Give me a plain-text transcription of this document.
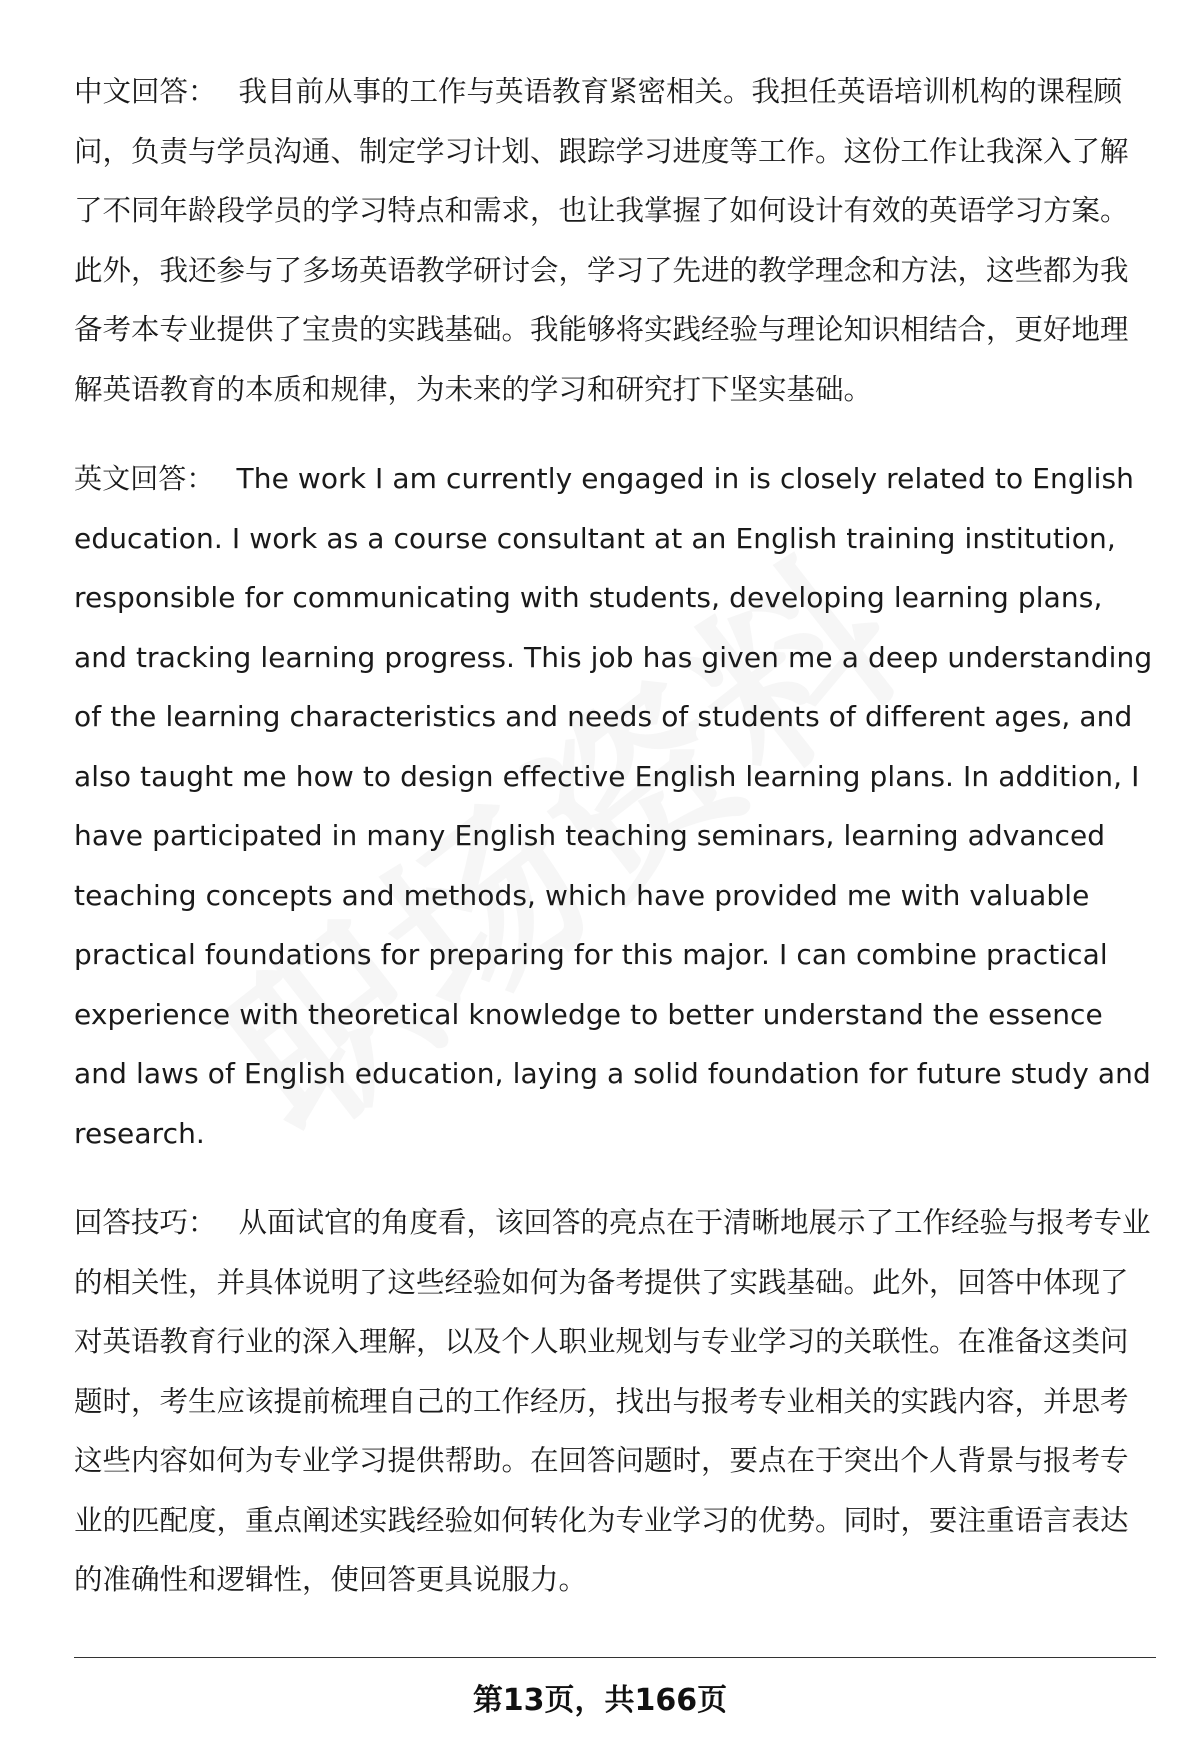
中文回答： 我目前从事的工作与英语教育紧密相关。我担任英语培训机构的课程顾问，负责与学员沟通、制定学习计划、跟踪学习进度等工作。这份工作让我深入了解了不同年龄段学员的学习特点和需求，也让我掌握了如何设计有效的英语学习方案。此外，我还参与了多场英语教学研讨会，学习了先进的教学理念和方法，这些都为我备考本专业提供了宝贵的实践基础。我能够将实践经验与理论知识相结合，更好地理解英语教育的本质和规律，为未来的学习和研究打下坚实基础。

英文回答： The work I am currently engaged in is closely related to English education. I work as a course consultant at an English training institution, responsible for communicating with students, developing learning plans, and tracking learning progress. This job has given me a deep understanding of the learning characteristics and needs of students of different ages, and also taught me how to design effective English learning plans. In addition, I have participated in many English teaching seminars, learning advanced teaching concepts and methods, which have provided me with valuable practical foundations for preparing for this major. I can combine practical experience with theoretical knowledge to better understand the essence and laws of English education, laying a solid foundation for future study and research.

回答技巧： 从面试官的角度看，该回答的亮点在于清晰地展示了工作经验与报考专业的相关性，并具体说明了这些经验如何为备考提供了实践基础。此外，回答中体现了对英语教育行业的深入理解，以及个人职业规划与专业学习的关联性。在准备这类问题时，考生应该提前梳理自己的工作经历，找出与报考专业相关的实践内容，并思考这些内容如何为专业学习提供帮助。在回答问题时，要点在于突出个人背景与报考专业的匹配度，重点阐述实践经验如何转化为专业学习的优势。同时，要注重语言表达的准确性和逻辑性，使回答更具说服力。

第13页，共166页
